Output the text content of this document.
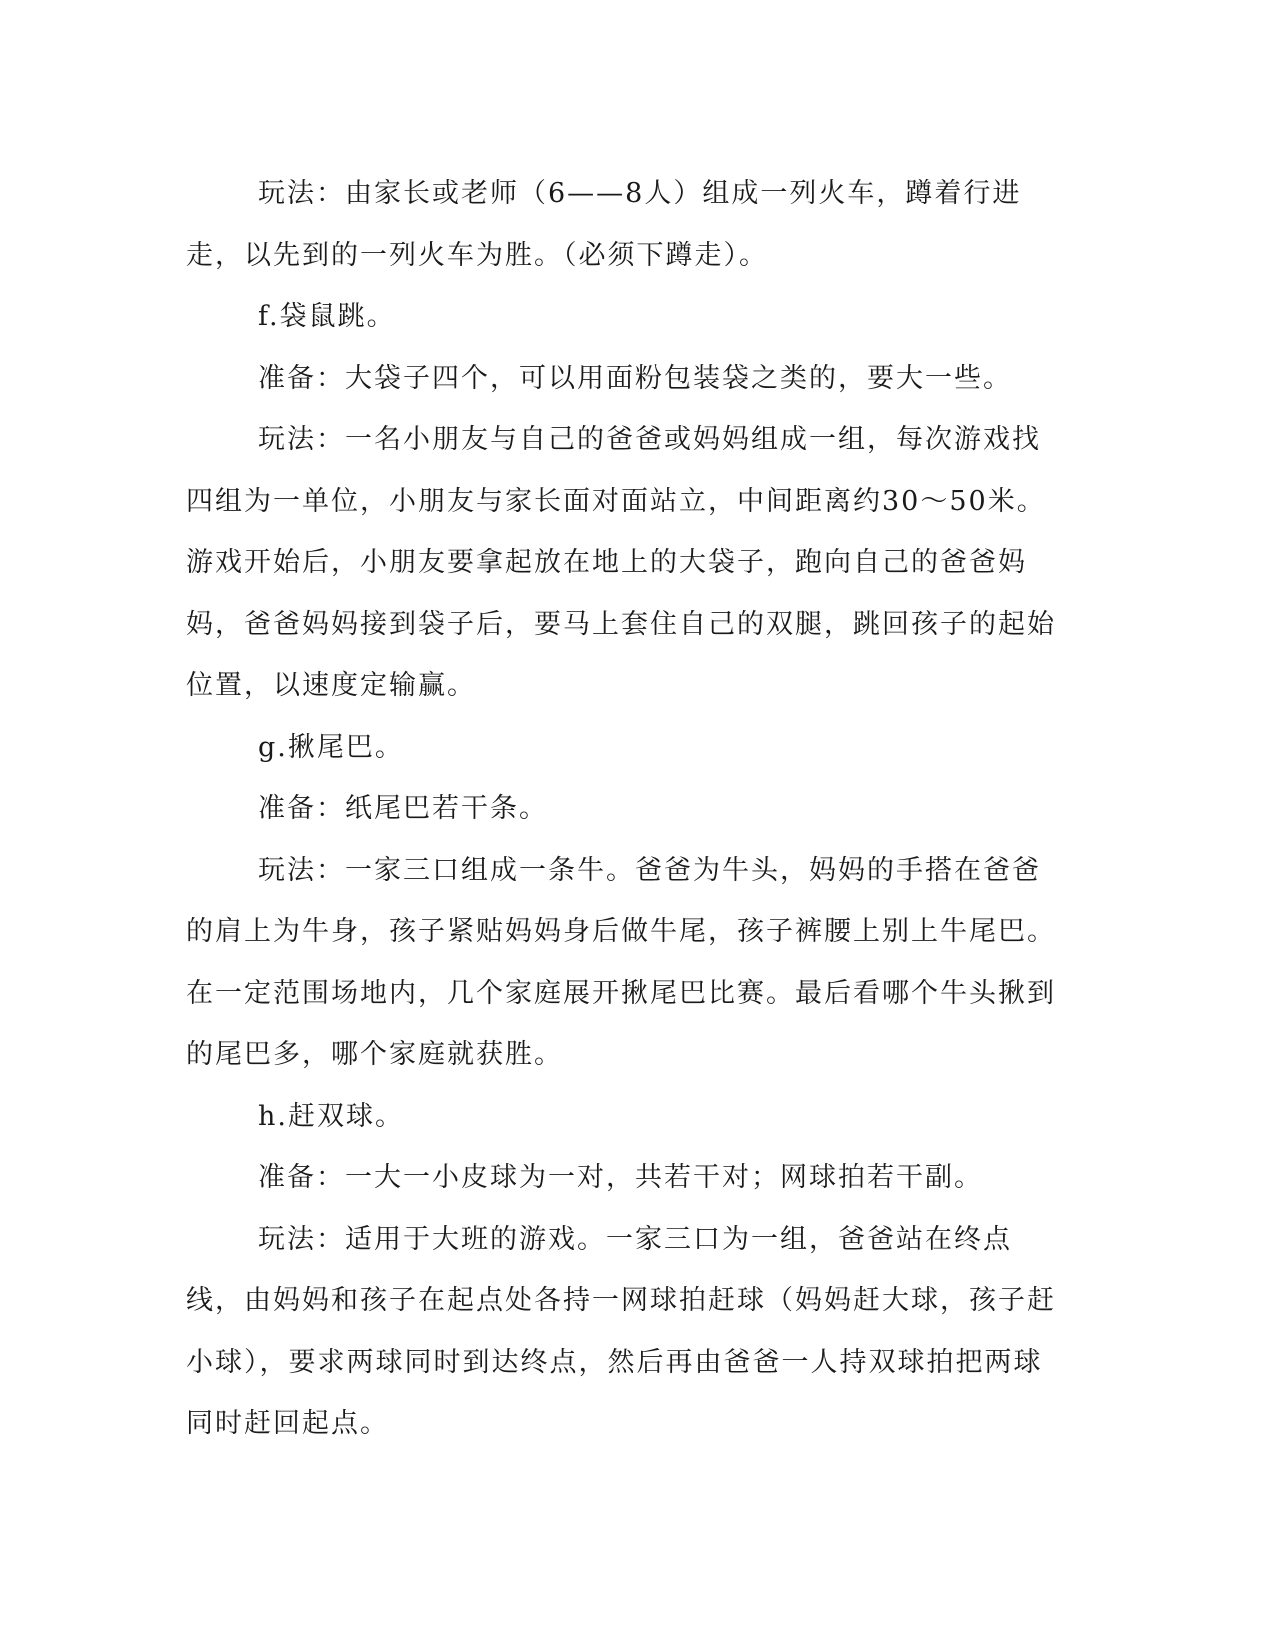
玩法：由家长或老师（6——8人）组成一列火车，蹲着行进走，以先到的一列火车为胜。（必须下蹲走）。

f.袋鼠跳。

准备：大袋子四个，可以用面粉包装袋之类的，要大一些。

玩法：一名小朋友与自己的爸爸或妈妈组成一组，每次游戏找四组为一单位，小朋友与家长面对面站立，中间距离约30～50米。游戏开始后，小朋友要拿起放在地上的大袋子，跑向自己的爸爸妈妈，爸爸妈妈接到袋子后，要马上套住自己的双腿，跳回孩子的起始位置，以速度定输赢。

g.揪尾巴。

准备：纸尾巴若干条。

玩法：一家三口组成一条牛。爸爸为牛头，妈妈的手搭在爸爸的肩上为牛身，孩子紧贴妈妈身后做牛尾，孩子裤腰上别上牛尾巴。在一定范围场地内，几个家庭展开揪尾巴比赛。最后看哪个牛头揪到的尾巴多，哪个家庭就获胜。

h.赶双球。

准备：一大一小皮球为一对，共若干对；网球拍若干副。

玩法：适用于大班的游戏。一家三口为一组，爸爸站在终点线，由妈妈和孩子在起点处各持一网球拍赶球（妈妈赶大球，孩子赶小球），要求两球同时到达终点，然后再由爸爸一人持双球拍把两球同时赶回起点。
